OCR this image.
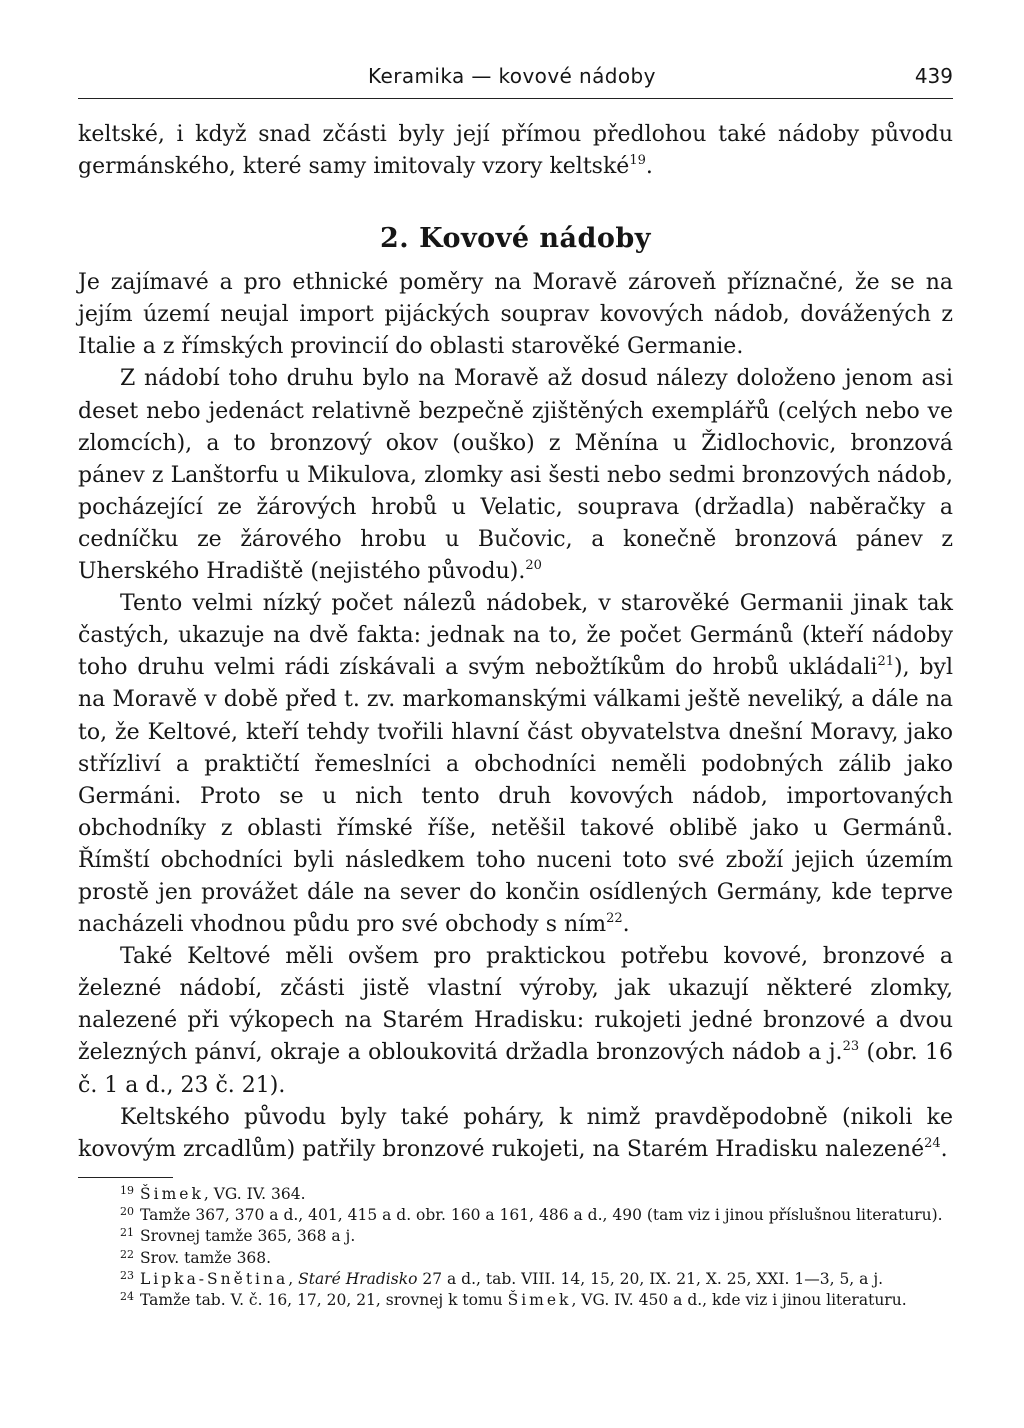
Keramika — kovové nádoby	439

keltské, i když snad zčásti byly její přímou předlohou také nádoby původu germánského, které samy imitovaly vzory keltské$^{19}$.

2. Kovové nádoby

Je zajímavé a pro ethnické poměry na Moravě zároveň příznačné, že se na jejím území neujal import pijáckých souprav kovových nádob, dovážených z Italie a z římských provincií do oblasti starověké Germanie.

Z nádobí toho druhu bylo na Moravě až dosud nálezy doloženo jenom asi deset nebo jedenáct relativně bezpečně zjištěných exemplářů (celých nebo ve zlomcích), a to bronzový okov (ouško) z Měnína u Židlochovic, bronzová pánev z Lanštorfu u Mikulova, zlomky asi šesti nebo sedmi bronzových nádob, pocházející ze žárových hrobů u Velatic, souprava (držadla) naběračky a cedníčku ze žárového hrobu u Bučovic, a konečně bronzová pánev z Uherského Hradiště (nejistého původu).$^{20}$

Tento velmi nízký počet nálezů nádobek, v starověké Germanii jinak tak častých, ukazuje na dvě fakta: jednak na to, že počet Germánů (kteří nádoby toho druhu velmi rádi získávali a svým nebožtíkům do hrobů ukládali$^{21}$), byl na Moravě v době před t. zv. markomanskými válkami ještě neveliký, a dále na to, že Keltové, kteří tehdy tvořili hlavní část obyvatelstva dnešní Moravy, jako střízliví a praktičtí řemeslníci a obchodníci neměli podobných zálib jako Germáni. Proto se u nich tento druh kovových nádob, importovaných obchodníky z oblasti římské říše, netěšil takové oblibě jako u Germánů. Římští obchodníci byli následkem toho nuceni toto své zboží jejich územím prostě jen provážet dále na sever do končin osídlených Germány, kde teprve nacházeli vhodnou půdu pro své obchody s ním$^{22}$.

Také Keltové měli ovšem pro praktickou potřebu kovové, bronzové a železné nádobí, zčásti jistě vlastní výroby, jak ukazují některé zlomky, nalezené při výkopech na Starém Hradisku: rukojeti jedné bronzové a dvou železných pánví, okraje a obloukovitá držadla bronzových nádob a j.$^{23}$ (obr. 16 č. 1 a d., 23 č. 21).

Keltského původu byly také poháry, k nimž pravděpodobně (nikoli ke kovovým zrcadlům) patřily bronzové rukojeti, na Starém Hradisku nalezené$^{24}$.

$^{19}$ Šimek, VG. IV. 364.

$^{20}$ Tamže 367, 370 a d., 401, 415 a d. obr. 160 a 161, 486 a d., 490 (tam viz i jinou příslušnou literaturu).

$^{21}$ Srovnej tamže 365, 368 a j.

$^{22}$ Srov. tamže 368.

$^{23}$ Lipka-Snětina, Staré Hradisko 27 a d., tab. VIII. 14, 15, 20, IX. 21, X. 25, XXI. 1—3, 5, a j.

$^{24}$ Tamže tab. V. č. 16, 17, 20, 21, srovnej k tomu Šimek, VG. IV. 450 a d., kde viz i jinou literaturu.
